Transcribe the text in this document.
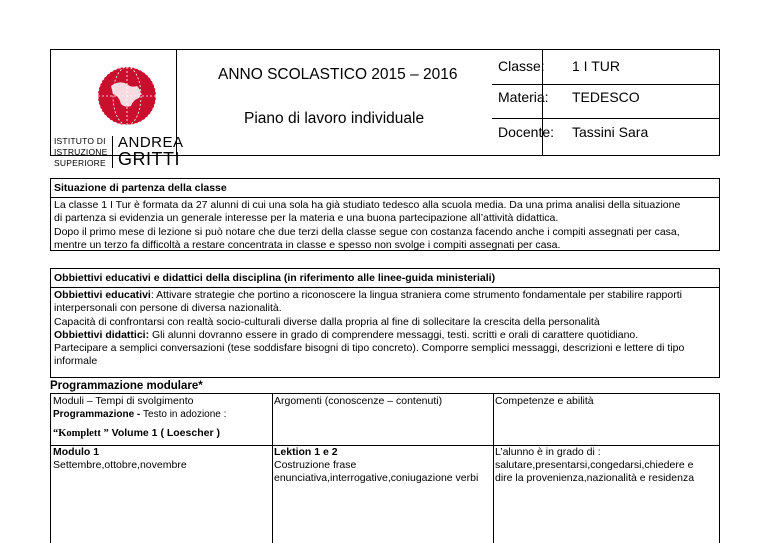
ISTITUTO DI
ISTRUZIONE
SUPERIORE
ANDREA
GRITTI
ANNO SCOLASTICO 2015 – 2016
Piano di lavoro individuale
Classe: 1 I TUR
Materia: TEDESCO
Docente: Tassini Sara
Situazione di partenza della classe

La classe 1 I Tur è formata da 27 alunni di cui una sola ha già studiato tedesco alla scuola media. Da una prima analisi della situazione

di partenza si evidenzia un generale interesse per la materia e una buona partecipazione all’attività didattica.

Dopo il primo mese di lezione si può notare che due terzi della classe segue con costanza facendo anche i compiti assegnati per casa,

mentre un terzo fa difficoltà a restare concentrata in classe e spesso non svolge i compiti assegnati per casa.

Obbiettivi educativi e didattici della disciplina (in riferimento alle linee-guida ministeriali)

Obbiettivi educativi: Attivare strategie che portino a riconoscere la lingua straniera come strumento fondamentale per stabilire rapporti

interpersonali con persone di diversa nazionalità.

Capacità di confrontarsi con realtà socio-culturali diverse dalla propria al fine di sollecitare la crescita della personalità

Obbiettivi didattici: Gli alunni dovranno essere in grado di comprendere messaggi, testi. scritti e orali di carattere quotidiano.

Partecipare a semplici conversazioni (tese soddisfare bisogni di tipo concreto). Comporre semplici messaggi, descrizioni e lettere di tipo

informale

Programmazione modulare*
Moduli – Tempi di svolgimento
Programmazione - Testo in adozione :
“Komplett ” Volume 1 ( Loescher )
Argomenti (conoscenze – contenuti)	Competenze e abilità
Modulo 1
Settembre,ottobre,novembre
Lektion 1 e 2
Costruzione frase
enunciativa,interrogative,coniugazione verbi
L’alunno è in grado di :
salutare,presentarsi,congedarsi,chiedere e
dire la provenienza,nazionalità e residenza
